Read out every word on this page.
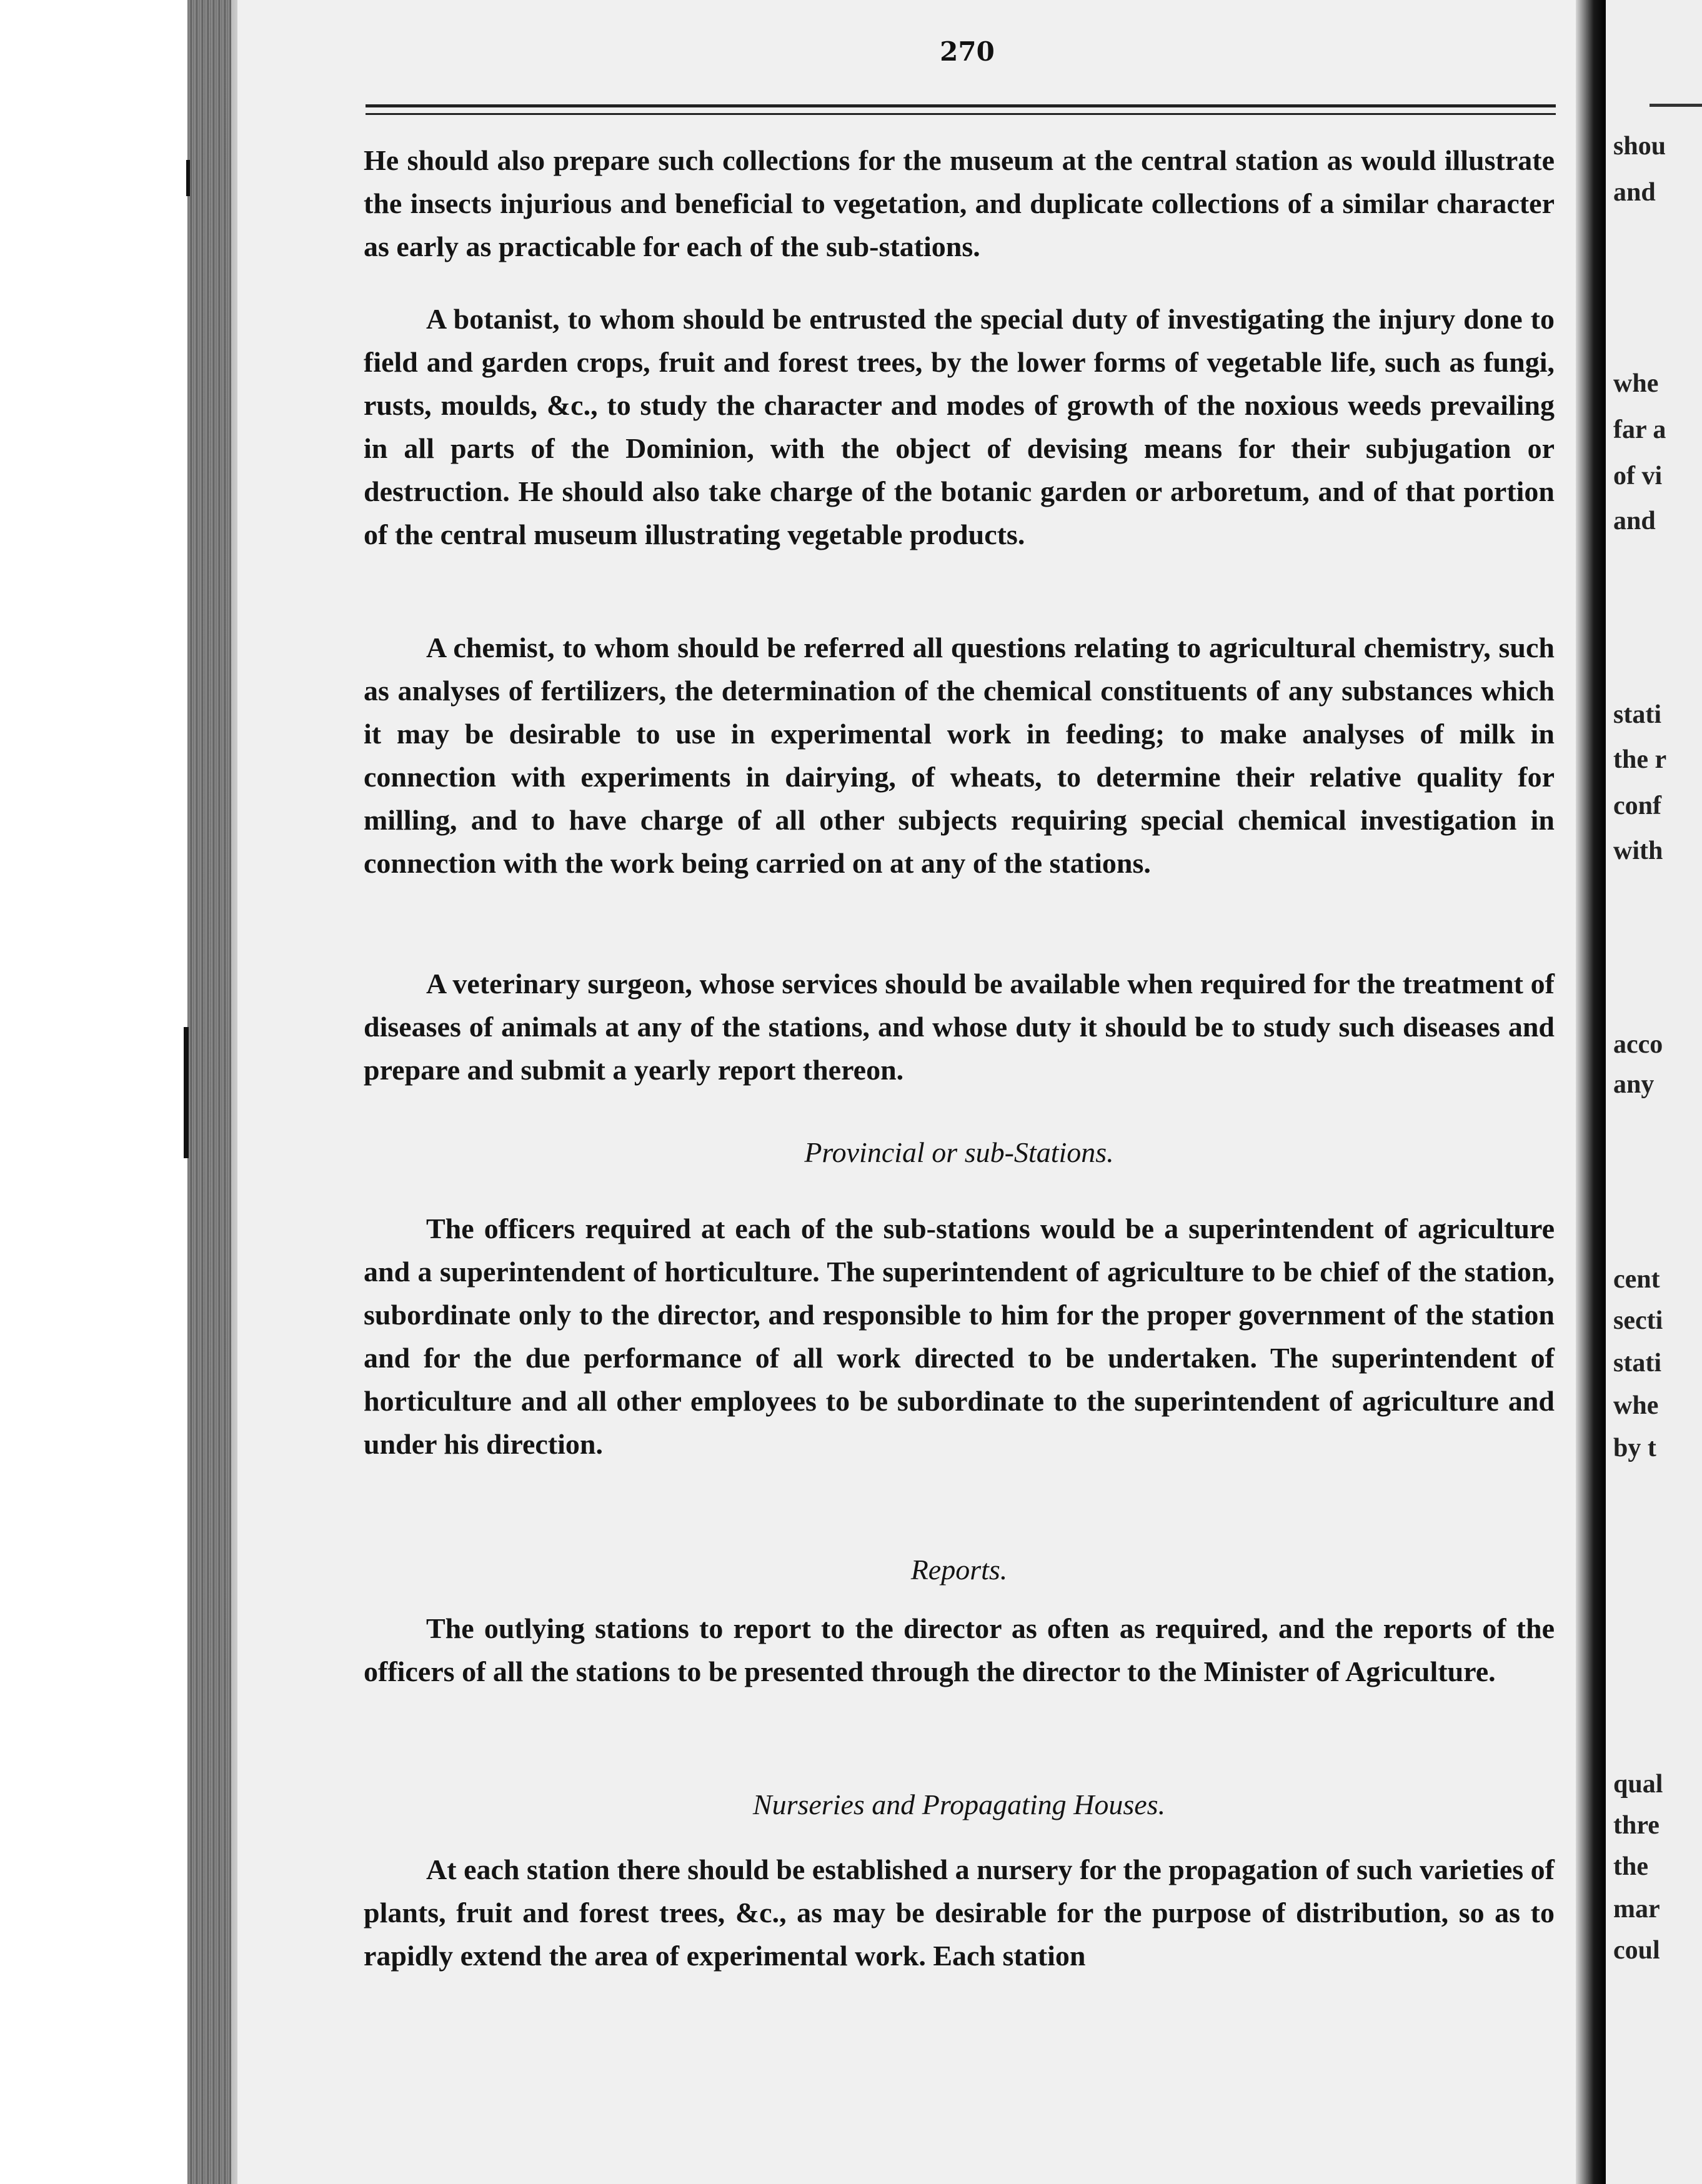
shou
and
whe
far a
of vi
and
stati
the r
conf
with
acco
any
cent
secti
stati
whe
by t
qual
thre
the
mar
coul
270

He should also prepare such collections for the museum at the central station as would illustrate the insects injurious and beneficial to vegetation, and duplicate collections of a similar character as early as practicable for each of the sub-stations.

A botanist, to whom should be entrusted the special duty of investigating the injury done to field and garden crops, fruit and forest trees, by the lower forms of vegetable life, such as fungi, rusts, moulds, &c., to study the character and modes of growth of the noxious weeds prevailing in all parts of the Dominion, with the object of devising means for their subjugation or destruction. He should also take charge of the botanic garden or arboretum, and of that portion of the central museum illustrating vegetable products.

A chemist, to whom should be referred all questions relating to agricultural chemistry, such as analyses of fertilizers, the determination of the chemical constituents of any substances which it may be desirable to use in experimental work in feeding; to make analyses of milk in connection with experiments in dairying, of wheats, to determine their relative quality for milling, and to have charge of all other subjects requiring special chemical investigation in connection with the work being carried on at any of the stations.

A veterinary surgeon, whose services should be available when required for the treatment of diseases of animals at any of the stations, and whose duty it should be to study such diseases and prepare and submit a yearly report thereon.

Provincial or sub-Stations.

The officers required at each of the sub-stations would be a superintendent of agriculture and a superintendent of horticulture. The superintendent of agriculture to be chief of the station, subordinate only to the director, and responsible to him for the proper government of the station and for the due performance of all work directed to be undertaken. The superintendent of horticulture and all other employees to be subordinate to the superintendent of agriculture and under his direction.

Reports.

The outlying stations to report to the director as often as required, and the reports of the officers of all the stations to be presented through the director to the Minister of Agriculture.

Nurseries and Propagating Houses.

At each station there should be established a nursery for the propagation of such varieties of plants, fruit and forest trees, &c., as may be desirable for the purpose of distribution, so as to rapidly extend the area of experimental work. Each station
